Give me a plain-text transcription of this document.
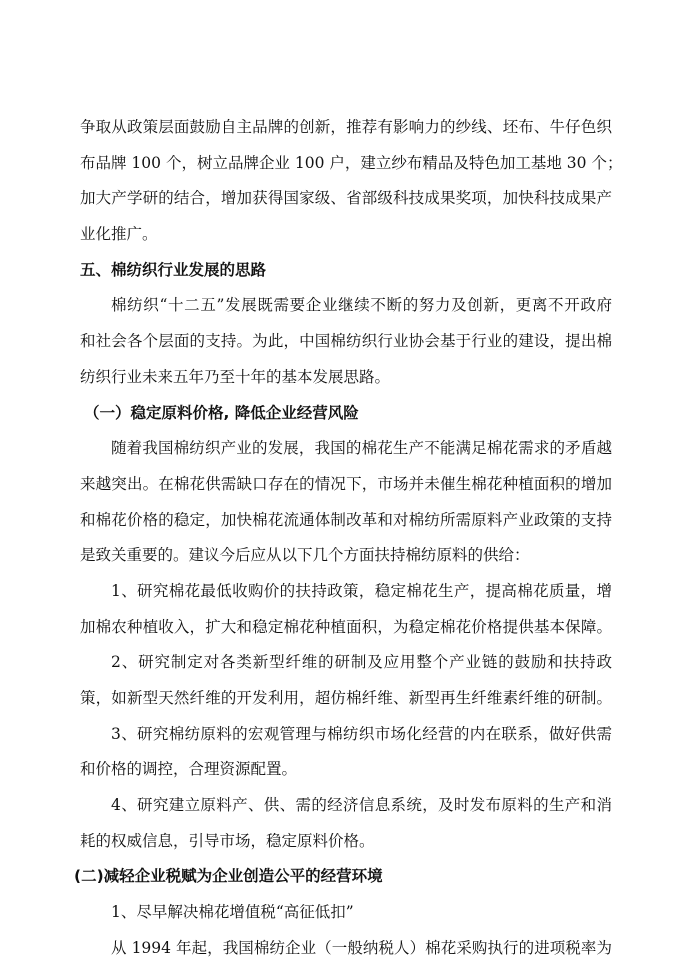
争取从政策层面鼓励自主品牌的创新，推荐有影响力的纱线、坯布、牛仔色织
布品牌 100 个，树立品牌企业 100 户，建立纱布精品及特色加工基地 30 个；
加大产学研的结合，增加获得国家级、省部级科技成果奖项，加快科技成果产
业化推广。
五、棉纺织行业发展的思路
棉纺织“十二五”发展既需要企业继续不断的努力及创新，更离不开政府
和社会各个层面的支持。为此，中国棉纺织行业协会基于行业的建设，提出棉
纺织行业未来五年乃至十年的基本发展思路。
（一）稳定原料价格, 降低企业经营风险
随着我国棉纺织产业的发展，我国的棉花生产不能满足棉花需求的矛盾越
来越突出。在棉花供需缺口存在的情况下，市场并未催生棉花种植面积的增加
和棉花价格的稳定，加快棉花流通体制改革和对棉纺所需原料产业政策的支持
是致关重要的。建议今后应从以下几个方面扶持棉纺原料的供给：
1、研究棉花最低收购价的扶持政策，稳定棉花生产，提高棉花质量，增
加棉农种植收入，扩大和稳定棉花种植面积，为稳定棉花价格提供基本保障。
2、研究制定对各类新型纤维的研制及应用整个产业链的鼓励和扶持政
策，如新型天然纤维的开发利用，超仿棉纤维、新型再生纤维素纤维的研制。
3、研究棉纺原料的宏观管理与棉纺织市场化经营的内在联系，做好供需
和价格的调控，合理资源配置。
4、研究建立原料产、供、需的经济信息系统，及时发布原料的生产和消
耗的权威信息，引导市场，稳定原料价格。
(二)减轻企业税赋为企业创造公平的经营环境
1、尽早解决棉花增值税“高征低扣”
从 1994 年起，我国棉纺企业（一般纳税人）棉花采购执行的进项税率为
